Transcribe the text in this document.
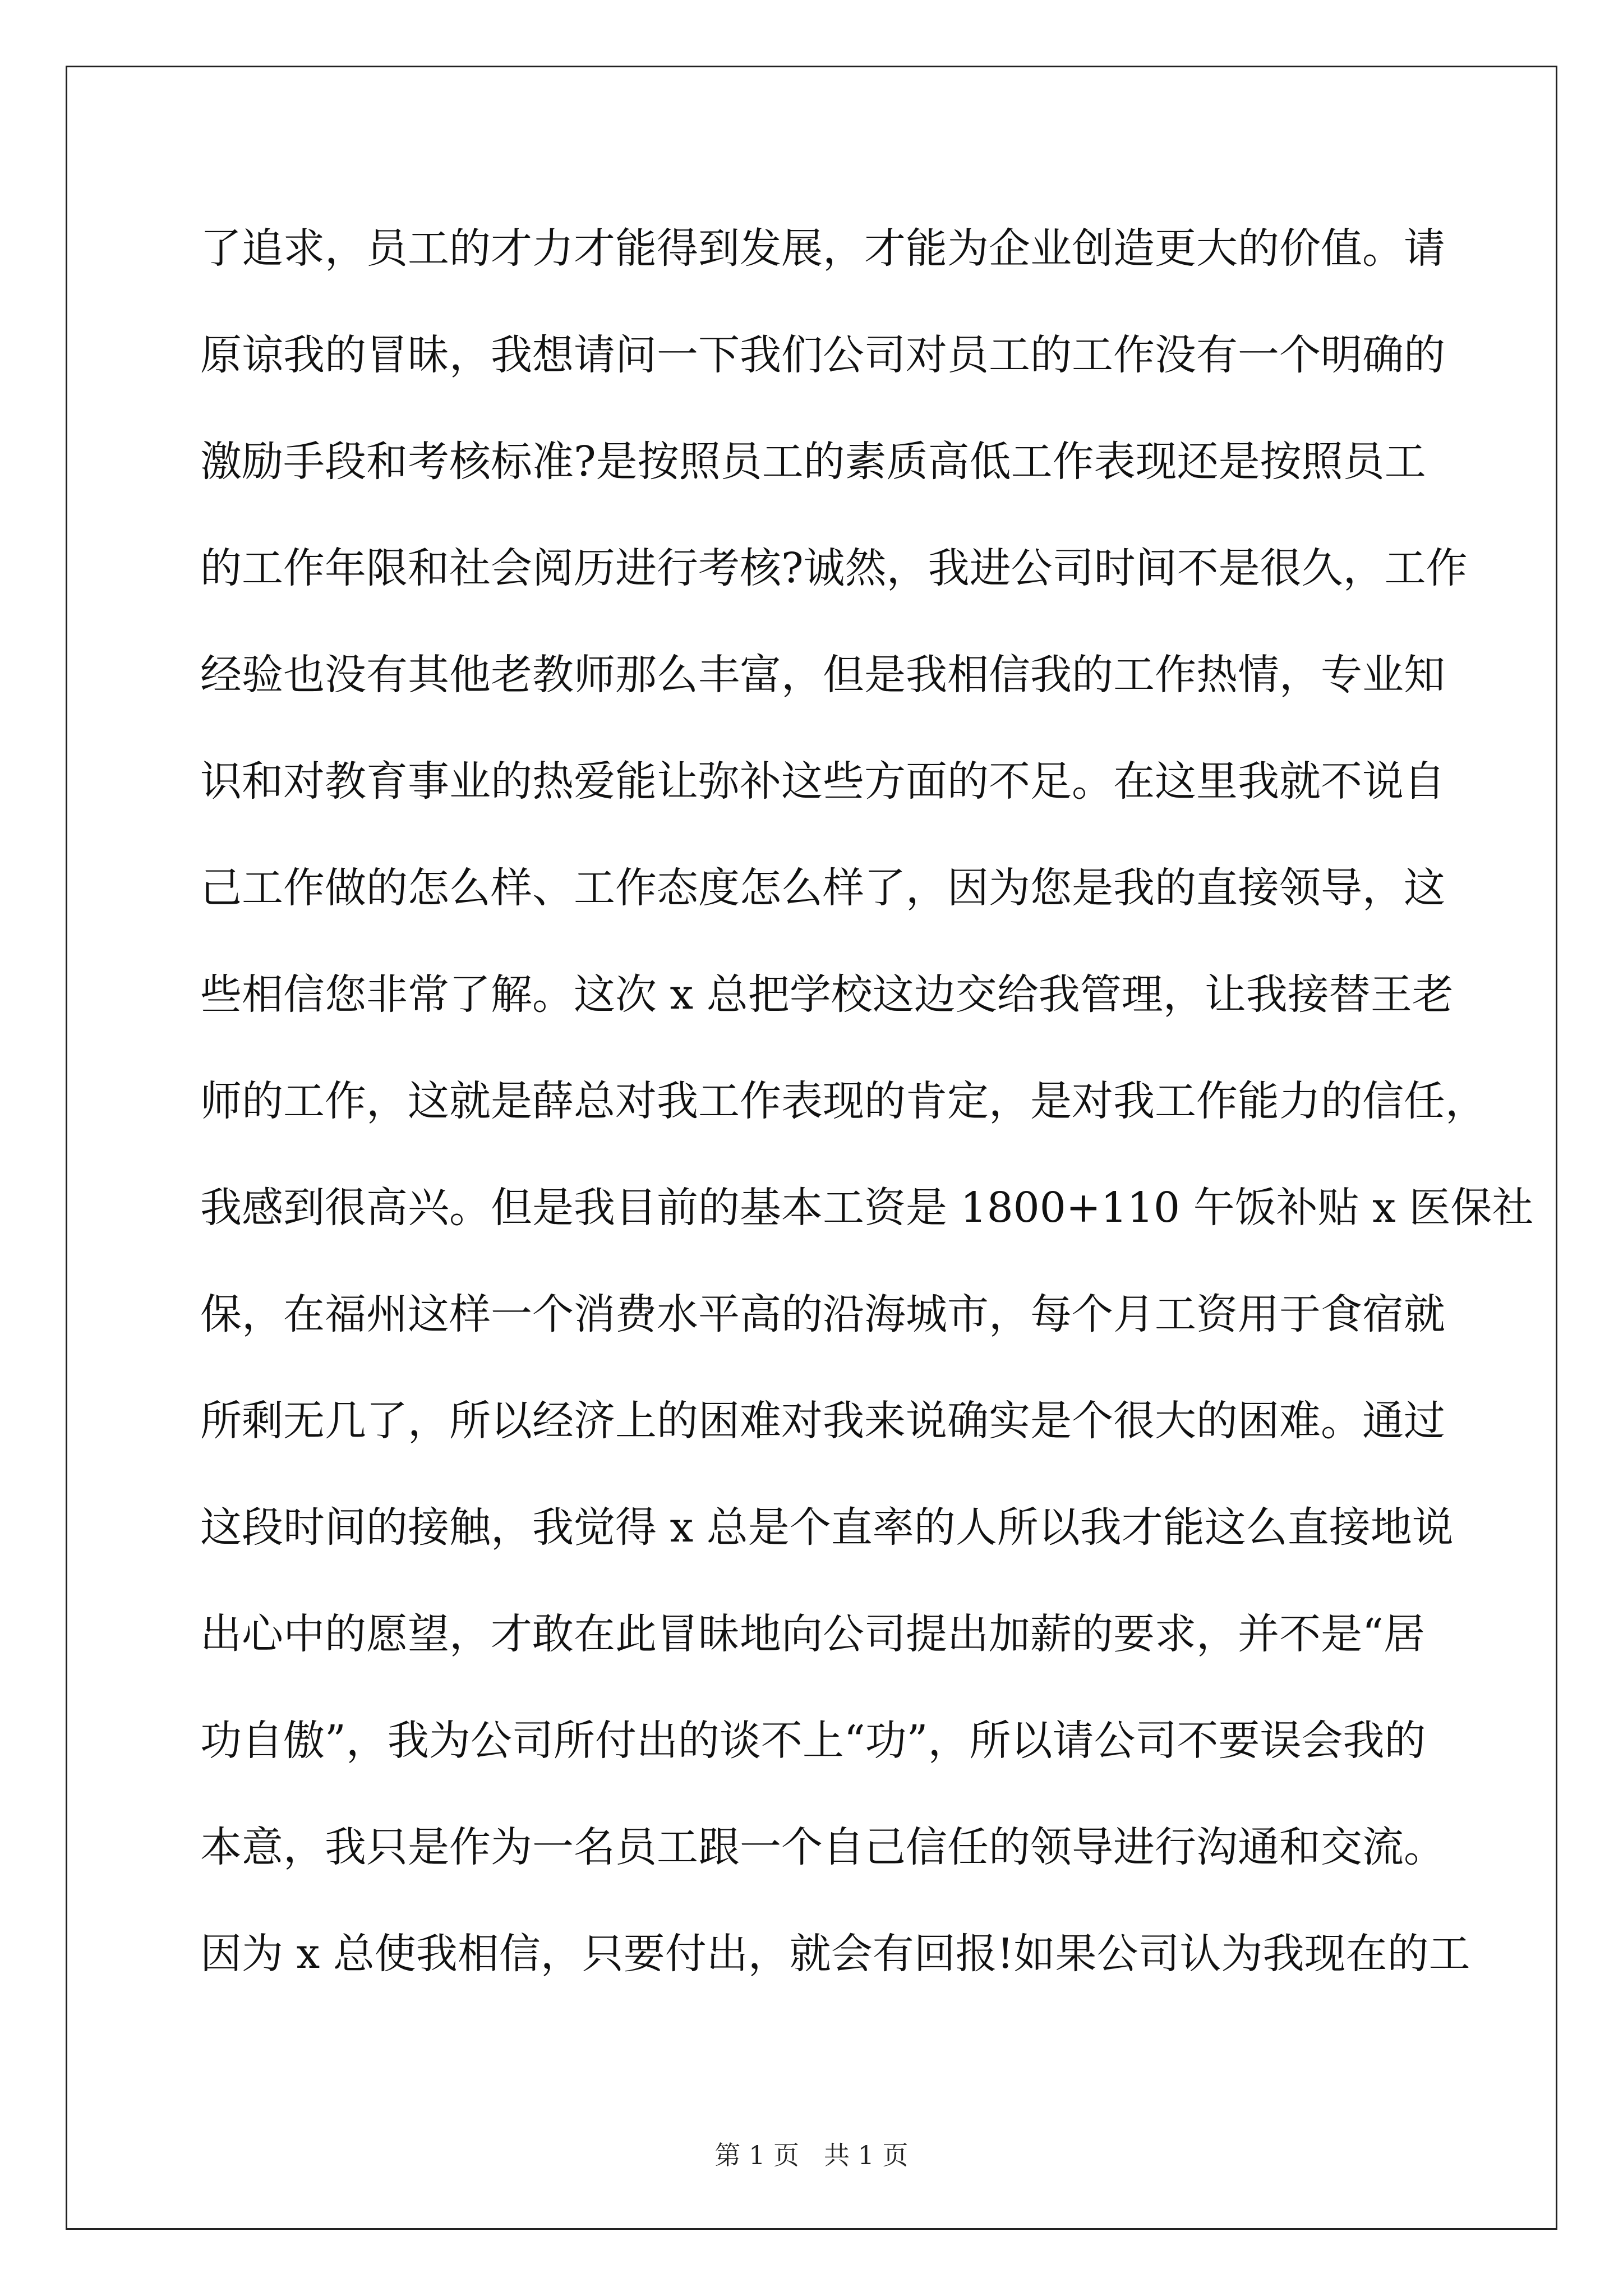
了追求，员工的才力才能得到发展，才能为企业创造更大的价值。请
原谅我的冒昧，我想请问一下我们公司对员工的工作没有一个明确的
激励手段和考核标准?是按照员工的素质高低工作表现还是按照员工
的工作年限和社会阅历进行考核?诚然，我进公司时间不是很久，工作
经验也没有其他老教师那么丰富，但是我相信我的工作热情，专业知
识和对教育事业的热爱能让弥补这些方面的不足。在这里我就不说自
己工作做的怎么样、工作态度怎么样了，因为您是我的直接领导，这
些相信您非常了解。这次 x 总把学校这边交给我管理，让我接替王老
师的工作，这就是薛总对我工作表现的肯定，是对我工作能力的信任，
我感到很高兴。但是我目前的基本工资是 1800+110 午饭补贴 x 医保社
保，在福州这样一个消费水平高的沿海城市，每个月工资用于食宿就
所剩无几了，所以经济上的困难对我来说确实是个很大的困难。通过
这段时间的接触，我觉得 x 总是个直率的人所以我才能这么直接地说
出心中的愿望，才敢在此冒昧地向公司提出加薪的要求，并不是“居
功自傲”，我为公司所付出的谈不上“功”，所以请公司不要误会我的
本意，我只是作为一名员工跟一个自己信任的领导进行沟通和交流。
因为 x 总使我相信，只要付出，就会有回报!如果公司认为我现在的工
第 1 页 共 1 页
